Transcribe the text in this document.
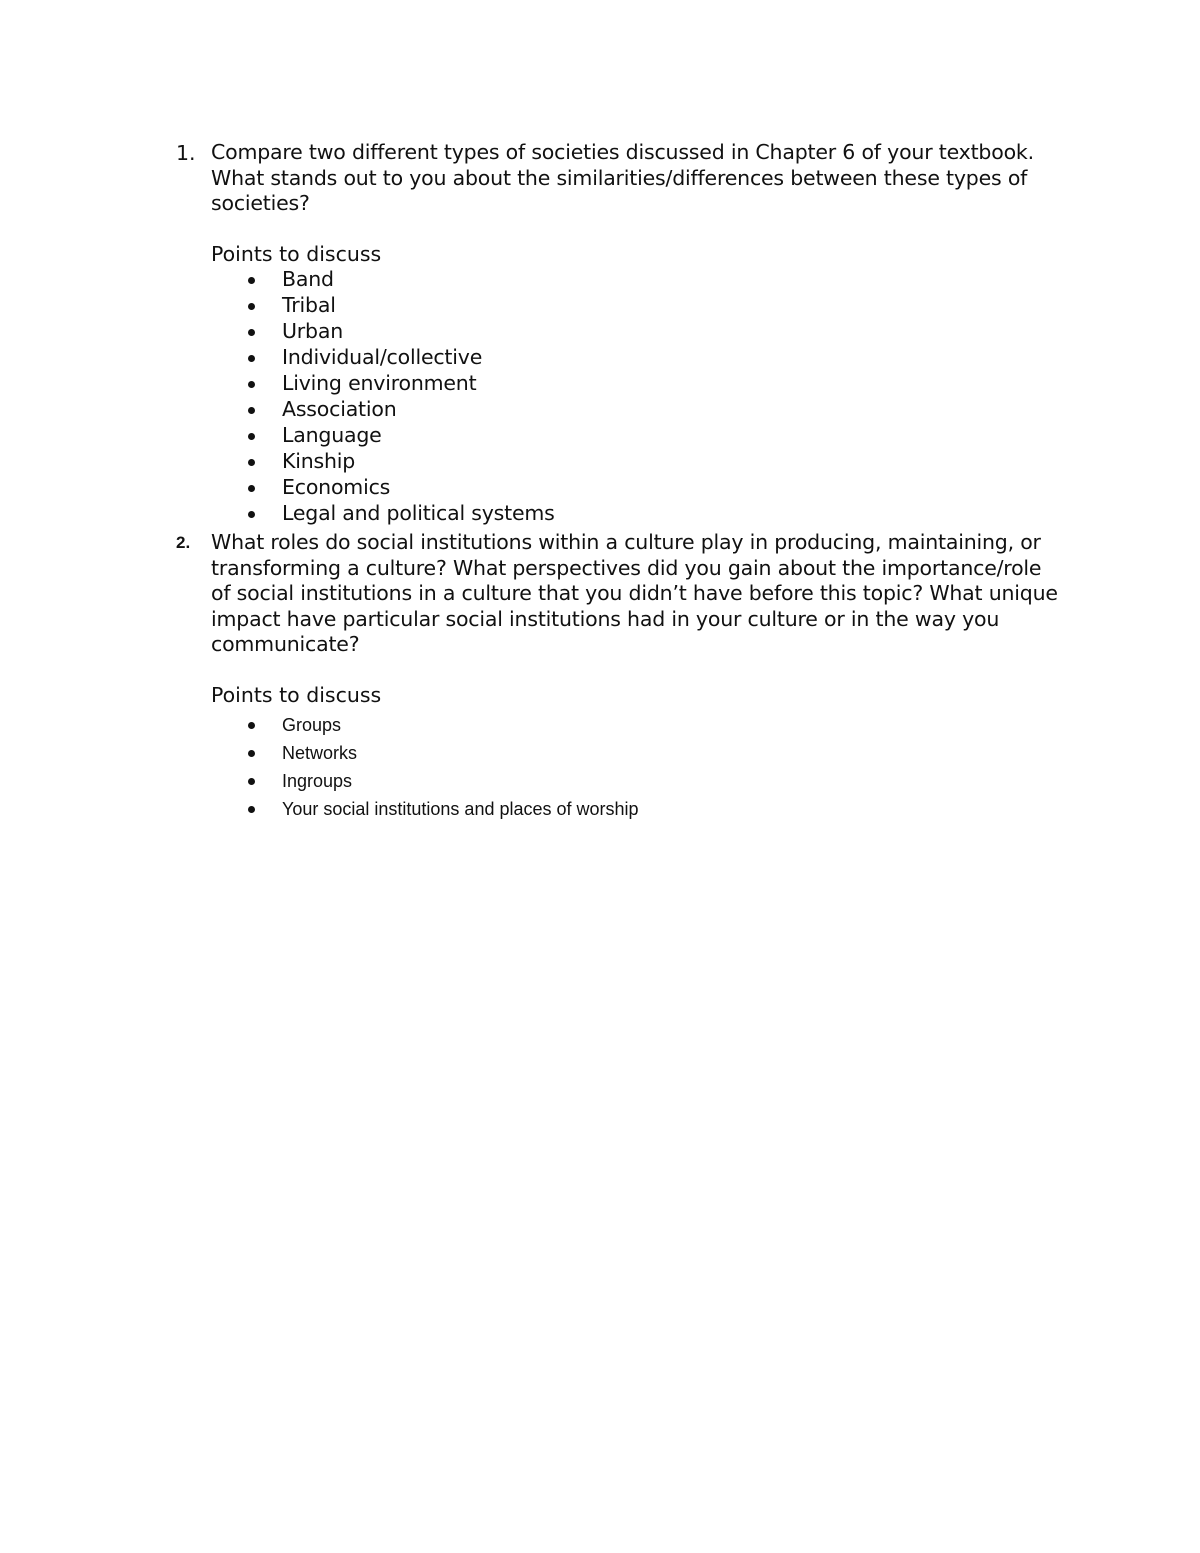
1. Compare two different types of societies discussed in Chapter 6 of your textbook. What stands out to you about the similarities/differences between these types of societies?
Points to discuss
Band
Tribal
Urban
Individual/collective
Living environment
Association
Language
Kinship
Economics
Legal and political systems
2. What roles do social institutions within a culture play in producing, maintaining, or transforming a culture? What perspectives did you gain about the importance/role of social institutions in a culture that you didn’t have before this topic? What unique impact have particular social institutions had in your culture or in the way you communicate?
Points to discuss
Groups
Networks
Ingroups
Your social institutions and places of worship
